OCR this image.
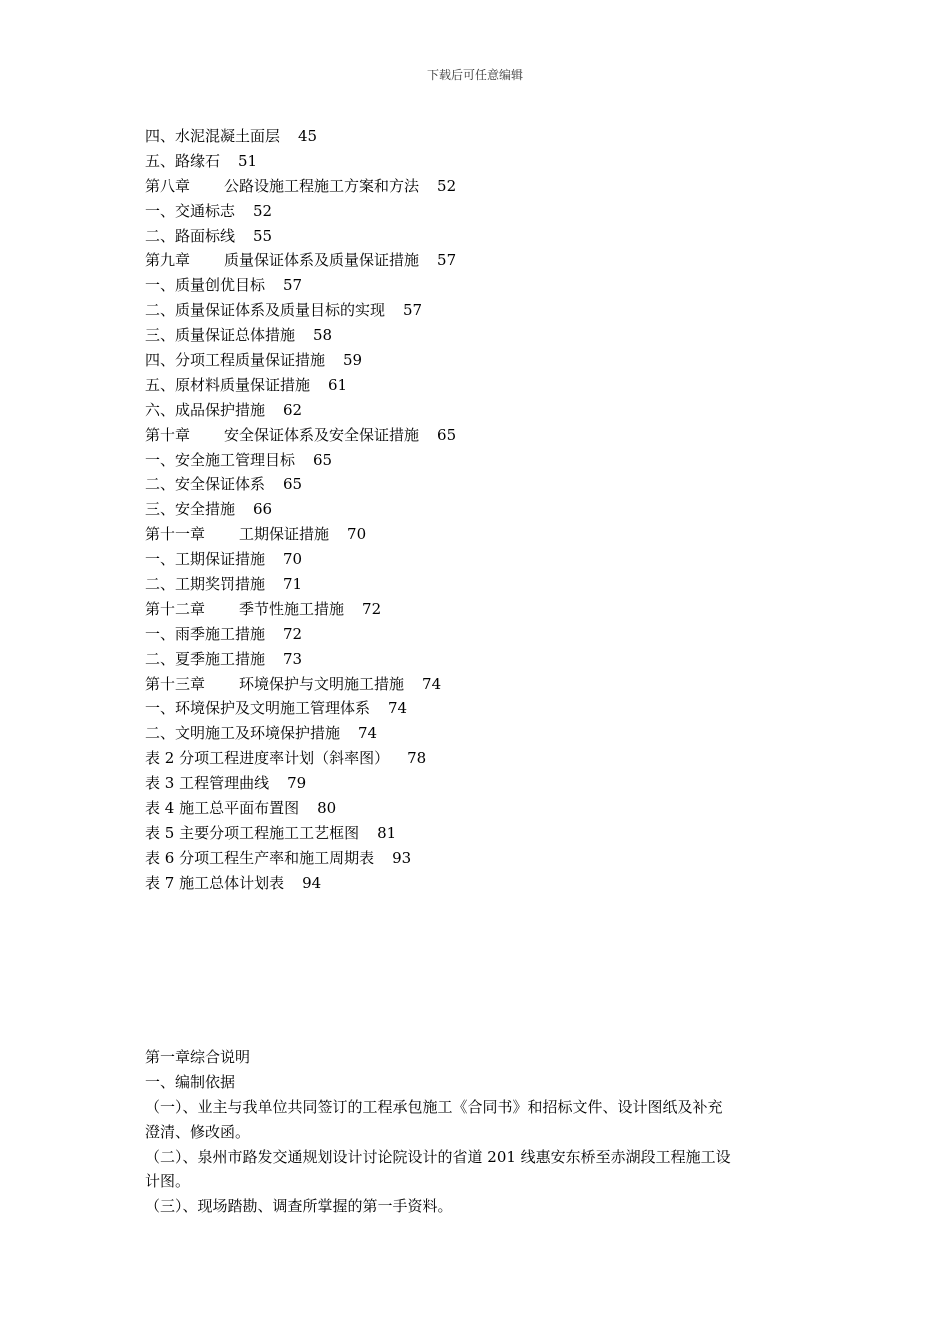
下载后可任意编辑
四、水泥混凝土面层 45
五、路缘石 51
第八章 公路设施工程施工方案和方法 52
一、交通标志 52
二、路面标线 55
第九章 质量保证体系及质量保证措施 57
一、质量创优目标 57
二、质量保证体系及质量目标的实现 57
三、质量保证总体措施 58
四、分项工程质量保证措施 59
五、原材料质量保证措施 61
六、成品保护措施 62
第十章 安全保证体系及安全保证措施 65
一、安全施工管理目标 65
二、安全保证体系 65
三、安全措施 66
第十一章 工期保证措施 70
一、工期保证措施 70
二、工期奖罚措施 71
第十二章 季节性施工措施 72
一、雨季施工措施 72
二、夏季施工措施 73
第十三章 环境保护与文明施工措施 74
一、环境保护及文明施工管理体系 74
二、文明施工及环境保护措施 74
表 2 分项工程进度率计划（斜率图） 78
表 3 工程管理曲线 79
表 4 施工总平面布置图 80
表 5 主要分项工程施工工艺框图 81
表 6 分项工程生产率和施工周期表 93
表 7 施工总体计划表 94
第一章综合说明
一、编制依据
（一）、业主与我单位共同签订的工程承包施工《合同书》和招标文件、设计图纸及补充
澄清、修改函。
（二）、泉州市路发交通规划设计讨论院设计的省道 201 线惠安东桥至赤湖段工程施工设
计图。
（三）、现场踏勘、调查所掌握的第一手资料。
